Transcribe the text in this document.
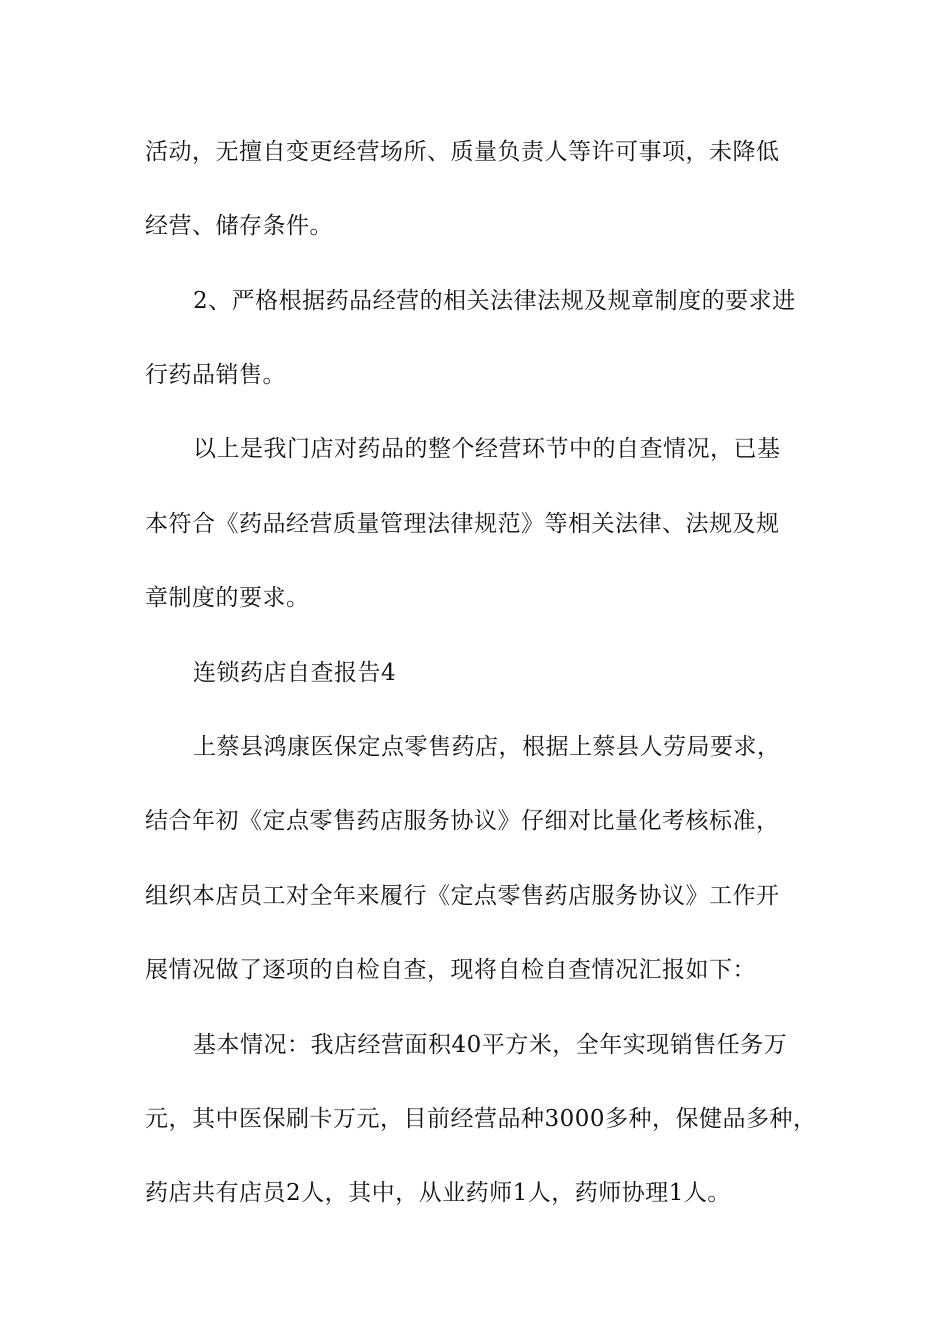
活动，无擅自变更经营场所、质量负责人等许可事项，未降低
经营、储存条件。
2、严格根据药品经营的相关法律法规及规章制度的要求进
行药品销售。
以上是我门店对药品的整个经营环节中的自查情况，已基
本符合《药品经营质量管理法律规范》等相关法律、法规及规
章制度的要求。
连锁药店自查报告4
上蔡县鸿康医保定点零售药店，根据上蔡县人劳局要求，
结合年初《定点零售药店服务协议》仔细对比量化考核标准，
组织本店员工对全年来履行《定点零售药店服务协议》工作开
展情况做了逐项的自检自查，现将自检自查情况汇报如下：
基本情况：我店经营面积40平方米，全年实现销售任务万
元，其中医保刷卡万元，目前经营品种3000多种，保健品多种，
药店共有店员2人，其中，从业药师1人，药师协理1人。
